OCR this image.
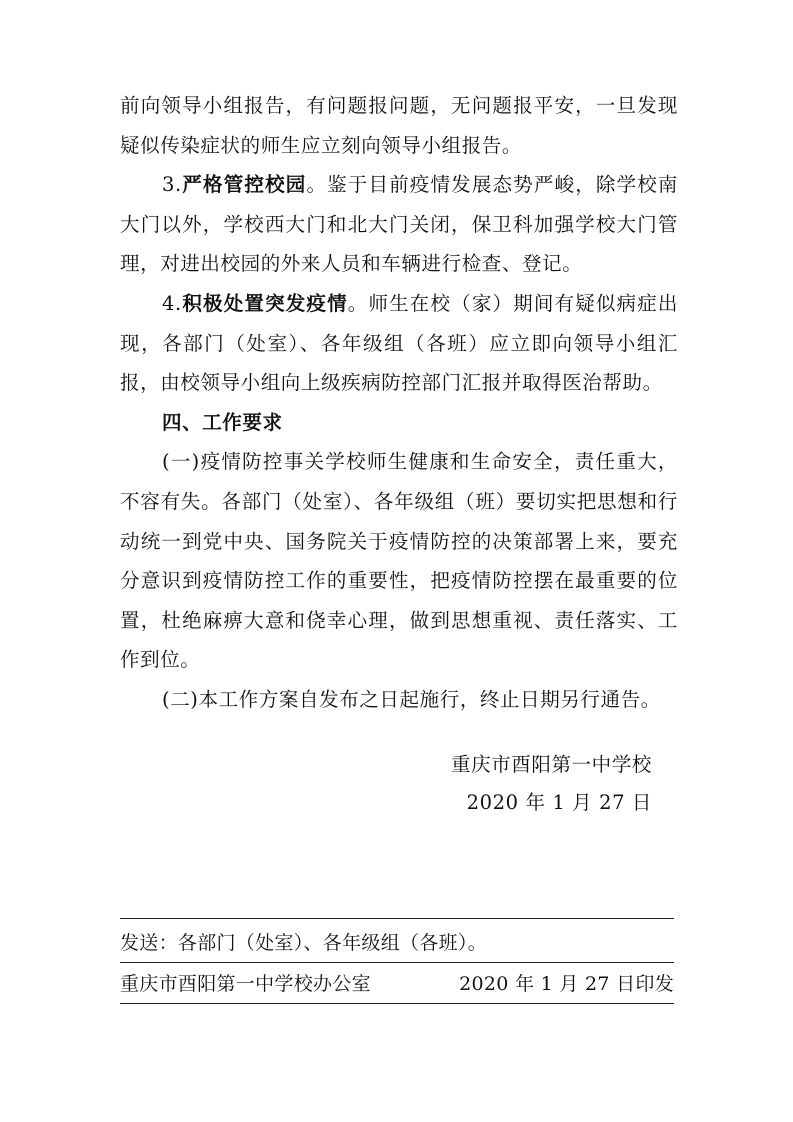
前向领导小组报告，有问题报问题，无问题报平安，一旦发现疑似传染症状的师生应立刻向领导小组报告。

3.严格管控校园。鉴于目前疫情发展态势严峻，除学校南大门以外，学校西大门和北大门关闭，保卫科加强学校大门管理，对进出校园的外来人员和车辆进行检查、登记。

4.积极处置突发疫情。师生在校（家）期间有疑似病症出现，各部门（处室）、各年级组（各班）应立即向领导小组汇报，由校领导小组向上级疾病防控部门汇报并取得医治帮助。

四、工作要求

(一)疫情防控事关学校师生健康和生命安全，责任重大，不容有失。各部门（处室）、各年级组（班）要切实把思想和行动统一到党中央、国务院关于疫情防控的决策部署上来，要充分意识到疫情防控工作的重要性，把疫情防控摆在最重要的位置，杜绝麻痹大意和侥幸心理，做到思想重视、责任落实、工作到位。

(二)本工作方案自发布之日起施行，终止日期另行通告。

重庆市酉阳第一中学校
2020 年 1 月 27 日
发送：各部门（处室）、各年级组（各班）。
重庆市酉阳第一中学校办公室	2020 年 1 月 27 日印发
